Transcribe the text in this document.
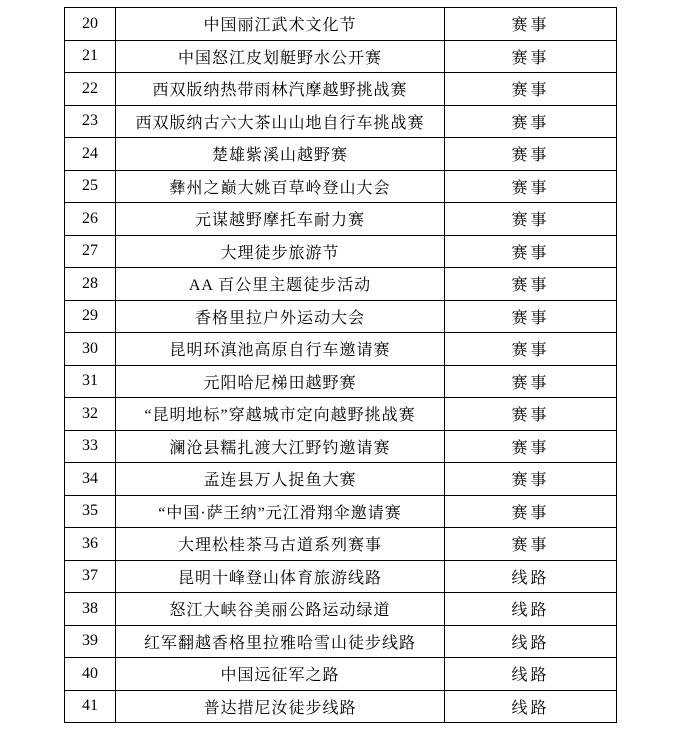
20	中国丽江武术文化节	赛事
21	中国怒江皮划艇野水公开赛	赛事
22	西双版纳热带雨林汽摩越野挑战赛	赛事
23	西双版纳古六大茶山山地自行车挑战赛	赛事
24	楚雄紫溪山越野赛	赛事
25	彝州之巅大姚百草岭登山大会	赛事
26	元谋越野摩托车耐力赛	赛事
27	大理徒步旅游节	赛事
28	AA 百公里主题徒步活动	赛事
29	香格里拉户外运动大会	赛事
30	昆明环滇池高原自行车邀请赛	赛事
31	元阳哈尼梯田越野赛	赛事
32	“昆明地标”穿越城市定向越野挑战赛	赛事
33	澜沧县糯扎渡大江野钓邀请赛	赛事
34	孟连县万人捉鱼大赛	赛事
35	“中国·萨王纳”元江滑翔伞邀请赛	赛事
36	大理松桂茶马古道系列赛事	赛事
37	昆明十峰登山体育旅游线路	线路
38	怒江大峡谷美丽公路运动绿道	线路
39	红军翻越香格里拉雅哈雪山徒步线路	线路
40	中国远征军之路	线路
41	普达措尼汝徒步线路	线路
